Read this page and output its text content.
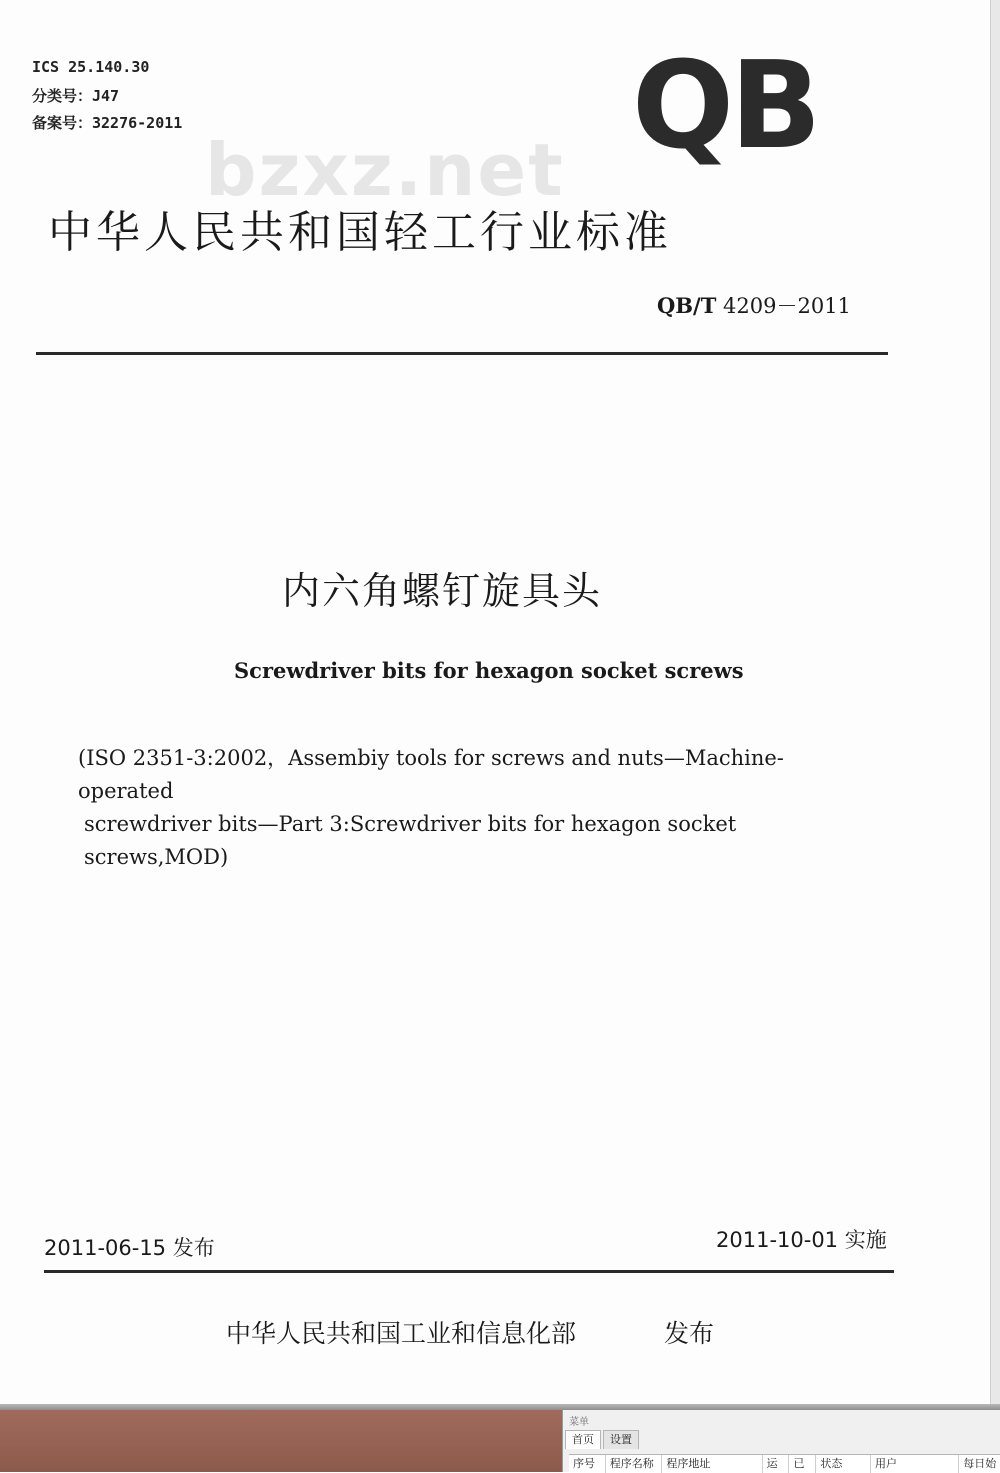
ICS 25.140.30
分类号：J47
备案号：32276-2011	QB
bzxz.net
中华人民共和国轻工行业标准
QB/T 4209－2011
内六角螺钉旋具头
Screwdriver bits for hexagon socket screws
(ISO 2351-3:2002，Assembiy tools for screws and nuts—Machine-operated
screwdriver bits—Part 3:Screwdriver bits for hexagon socket screws,MOD)
2011-06-15 发布	2011-10-01 实施
中华人民共和国工业和信息化部	发布
菜单
首页	设置
序号	程序名称	程序地址	运	已	状态	用户	每日始
